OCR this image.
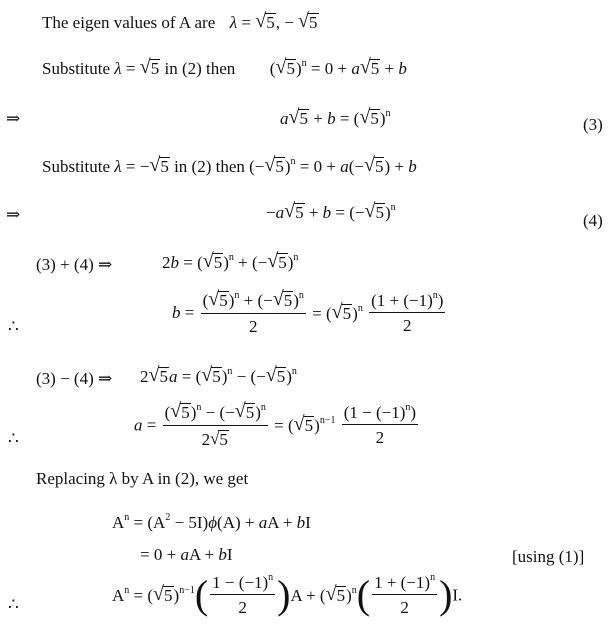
The eigen values of A are λ = √5, − √5
Substitute λ = √5 in (2) then $(√5)^n = 0 + a√5 + b$
⇒	$a√5 + b = (√5)^n$
(3)
Substitute λ = −√5 in (2) then $(-√5)^n = 0 + a(-√5) + b$
⇒	$-a√5 + b = (-√5)^n$
(4)
(3) + (4) ⇒	$2b = (√5)^n + (-√5)^n$
∴
$b = \frac{(√5)^n + (-√5)^n}{2} = (√5)^n \frac{(1 + (-1)^n)}{2}$
(3) − (4) ⇒ $2√5a = (√5)^n - (-√5)^n$
∴
$a = \frac{(√5)^n - (-√5)^n}{2√5} = (√5)^{n-1} \frac{(1 - (-1)^n)}{2}$
Replacing λ by A in (2), we get
$A^n = (A^2 - 5I)\phi(A)$ + aA + bI
= 0 + aA + bI	[using (1)]
∴	$A^n = (√5)^{n-1}( \frac{1 - (-1)^n}{2} )A + (√5)^n( \frac{1 + (-1)^n}{2} )I$.
